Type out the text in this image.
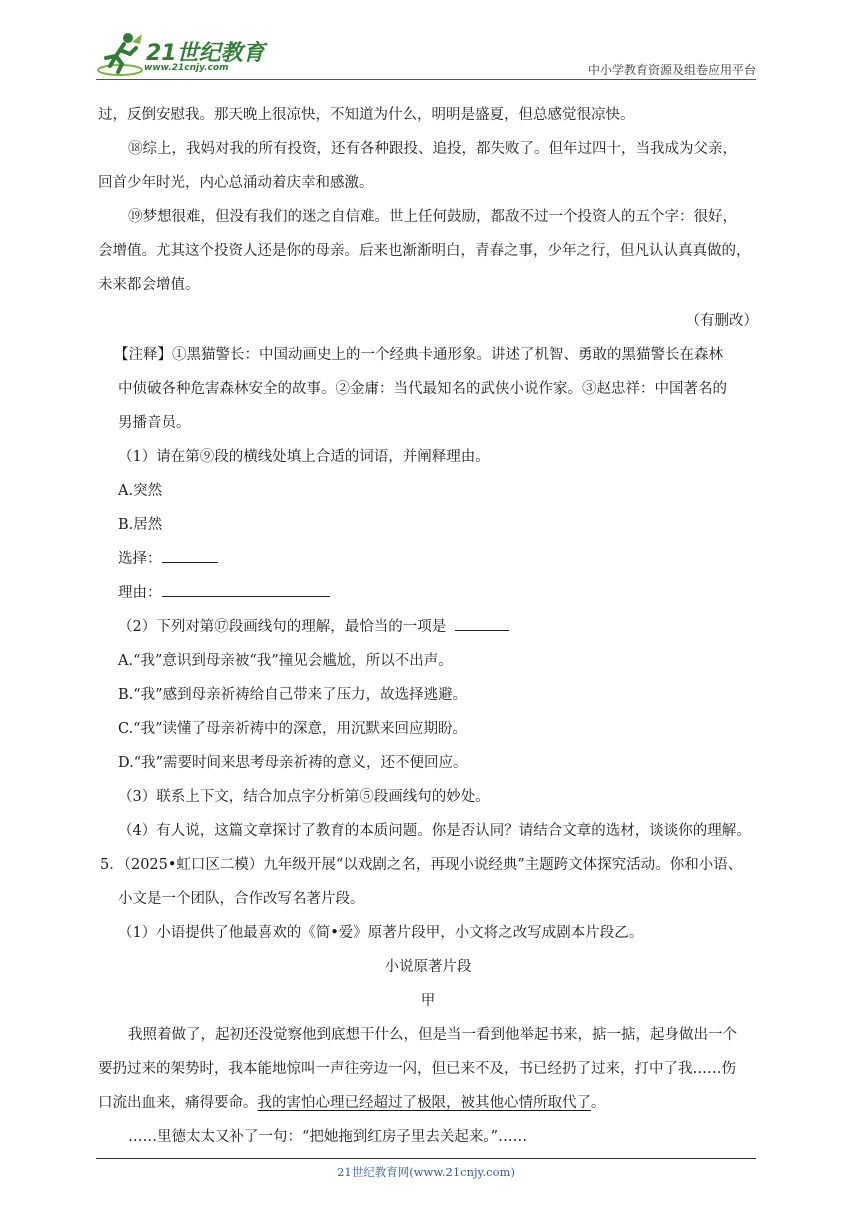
21世纪教育
www.21cnjy.com	中小学教育资源及组卷应用平台
过，反倒安慰我。那天晚上很凉快，不知道为什么，明明是盛夏，但总感觉很凉快。
⑱综上，我妈对我的所有投资，还有各种跟投、追投，都失败了。但年过四十，当我成为父亲，
回首少年时光，内心总涌动着庆幸和感激。
⑲梦想很难，但没有我们的迷之自信难。世上任何鼓励，都敌不过一个投资人的五个字：很好，
会增值。尤其这个投资人还是你的母亲。后来也渐渐明白，青春之事，少年之行，但凡认认真真做的，
未来都会增值。
（有删改）
【注释】①黑猫警长：中国动画史上的一个经典卡通形象。讲述了机智、勇敢的黑猫警长在森林
中侦破各种危害森林安全的故事。②金庸：当代最知名的武侠小说作家。③赵忠祥：中国著名的
男播音员。
（1）请在第⑨段的横线处填上合适的词语，并阐释理由。
A.突然
B.居然
选择：
理由：
（2）下列对第⑰段画线句的理解，最恰当的一项是
A.“我”意识到母亲被“我”撞见会尴尬，所以不出声。
B.“我”感到母亲祈祷给自己带来了压力，故选择逃避。
C.“我”读懂了母亲祈祷中的深意，用沉默来回应期盼。
D.“我”需要时间来思考母亲祈祷的意义，还不便回应。
（3）联系上下文，结合加点字分析第⑤段画线句的妙处。
（4）有人说，这篇文章探讨了教育的本质问题。你是否认同？请结合文章的选材，谈谈你的理解。
5．（2025•虹口区二模）九年级开展“以戏剧之名，再现小说经典”主题跨文体探究活动。你和小语、
小文是一个团队，合作改写名著片段。
（1）小语提供了他最喜欢的《简•爱》原著片段甲，小文将之改写成剧本片段乙。
小说原著片段
甲
我照着做了，起初还没觉察他到底想干什么，但是当一看到他举起书来，掂一掂，起身做出一个
要扔过来的架势时，我本能地惊叫一声往旁边一闪，但已来不及，书已经扔了过来，打中了我……伤
口流出血来，痛得要命。我的害怕心理已经超过了极限，被其他心情所取代了。
……里德太太又补了一句：“把她拖到红房子里去关起来。”……
21世纪教育网(www.21cnjy.com)
